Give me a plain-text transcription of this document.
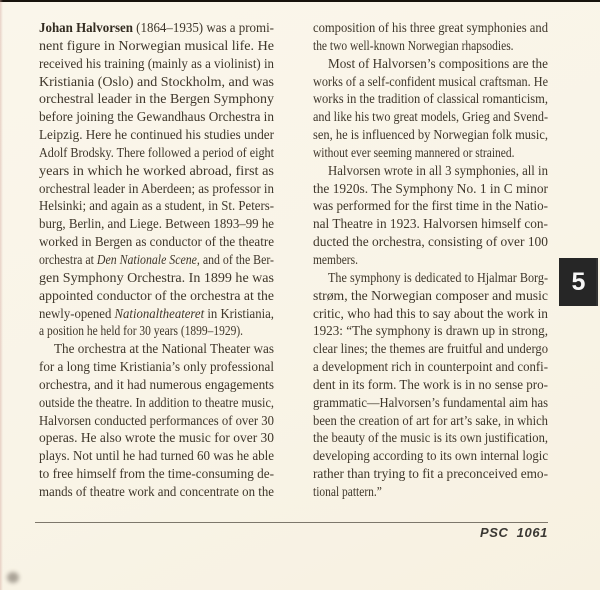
Johan Halvorsen (1864–1935) was a promi-
nent figure in Norwegian musical life. He
received his training (mainly as a violinist) in
Kristiania (Oslo) and Stockholm, and was
orchestral leader in the Bergen Symphony
before joining the Gewandhaus Orchestra in
Leipzig. Here he continued his studies under
Adolf Brodsky. There followed a period of eight
years in which he worked abroad, first as
orchestral leader in Aberdeen; as professor in
Helsinki; and again as a student, in St. Peters-
burg, Berlin, and Liege. Between 1893–99 he
worked in Bergen as conductor of the theatre
orchestra at Den Nationale Scene, and of the Ber-
gen Symphony Orchestra. In 1899 he was
appointed conductor of the orchestra at the
newly-opened Nationaltheateret in Kristiania,
a position he held for 30 years (1899–1929).
The orchestra at the National Theater was
for a long time Kristiania’s only professional
orchestra, and it had numerous engagements
outside the theatre. In addition to theatre music,
Halvorsen conducted performances of over 30
operas. He also wrote the music for over 30
plays. Not until he had turned 60 was he able
to free himself from the time-consuming de-
mands of theatre work and concentrate on the
composition of his three great symphonies and
the two well-known Norwegian rhapsodies.
Most of Halvorsen’s compositions are the
works of a self-confident musical craftsman. He
works in the tradition of classical romanticism,
and like his two great models, Grieg and Svend-
sen, he is influenced by Norwegian folk music,
without ever seeming mannered or strained.
Halvorsen wrote in all 3 symphonies, all in
the 1920s. The Symphony No. 1 in C minor
was performed for the first time in the Natio-
nal Theatre in 1923. Halvorsen himself con-
ducted the orchestra, consisting of over 100
members.
The symphony is dedicated to Hjalmar Borg-
strøm, the Norwegian composer and music
critic, who had this to say about the work in
1923: “The symphony is drawn up in strong,
clear lines; the themes are fruitful and undergo
a development rich in counterpoint and confi-
dent in its form. The work is in no sense pro-
grammatic—Halvorsen’s fundamental aim has
been the creation of art for art’s sake, in which
the beauty of the music is its own justification,
developing according to its own internal logic
rather than trying to fit a preconceived emo-
tional pattern.”
PSC 1061
5
